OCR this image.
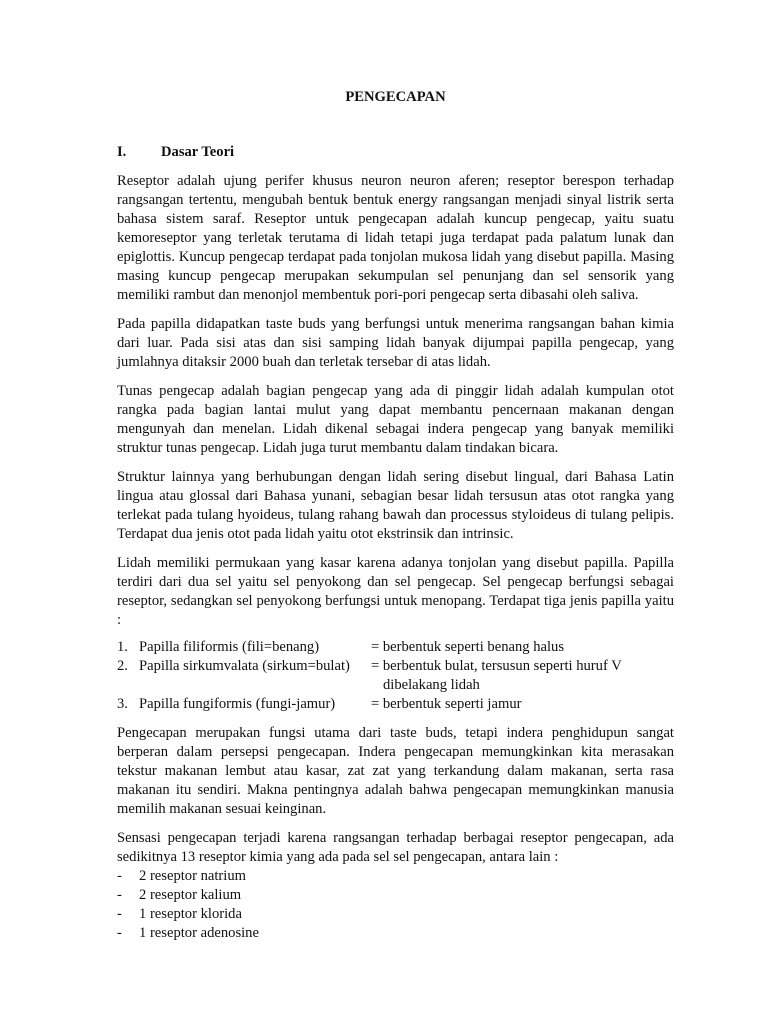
PENGECAPAN
I.	Dasar Teori

Reseptor adalah ujung perifer khusus neuron neuron aferen; reseptor berespon terhadap rangsangan tertentu, mengubah bentuk bentuk energy rangsangan menjadi sinyal listrik serta bahasa sistem saraf. Reseptor untuk pengecapan adalah kuncup pengecap, yaitu suatu kemoreseptor yang terletak terutama di lidah tetapi juga terdapat pada palatum lunak dan epiglottis. Kuncup pengecap terdapat pada tonjolan mukosa lidah yang disebut papilla. Masing masing kuncup pengecap merupakan sekumpulan sel penunjang dan sel sensorik yang memiliki rambut dan menonjol membentuk pori-pori pengecap serta dibasahi oleh saliva.

Pada papilla didapatkan taste buds yang berfungsi untuk menerima rangsangan bahan kimia dari luar. Pada sisi atas dan sisi samping lidah banyak dijumpai papilla pengecap, yang jumlahnya ditaksir 2000 buah dan terletak tersebar di atas lidah.

Tunas pengecap adalah bagian pengecap yang ada di pinggir lidah adalah kumpulan otot rangka pada bagian lantai mulut yang dapat membantu pencernaan makanan dengan mengunyah dan menelan. Lidah dikenal sebagai indera pengecap yang banyak memiliki struktur tunas pengecap. Lidah juga turut membantu dalam tindakan bicara.

Struktur lainnya yang berhubungan dengan lidah sering disebut lingual, dari Bahasa Latin lingua atau glossal dari Bahasa yunani, sebagian besar lidah tersusun atas otot rangka yang terlekat pada tulang hyoideus, tulang rahang bawah dan processus styloideus di tulang pelipis. Terdapat dua jenis otot pada lidah yaitu otot ekstrinsik dan intrinsic.

Lidah memiliki permukaan yang kasar karena adanya tonjolan yang disebut papilla. Papilla terdiri dari dua sel yaitu sel penyokong dan sel pengecap. Sel pengecap berfungsi sebagai reseptor, sedangkan sel penyokong berfungsi untuk menopang. Terdapat tiga jenis papilla yaitu :

1. Papilla filiformis (fili=benang)	= berbentuk seperti benang halus
2. Papilla sirkumvalata (sirkum=bulat)	= berbentuk bulat, tersusun seperti huruf V
dibelakang lidah
3. Papilla fungiformis (fungi-jamur)	= berbentuk seperti jamur

Pengecapan merupakan fungsi utama dari taste buds, tetapi indera penghidupun sangat berperan dalam persepsi pengecapan. Indera pengecapan memungkinkan kita merasakan tekstur makanan lembut atau kasar, zat zat yang terkandung dalam makanan, serta rasa makanan itu sendiri. Makna pentingnya adalah bahwa pengecapan memungkinkan manusia memilih makanan sesuai keinginan.

Sensasi pengecapan terjadi karena rangsangan terhadap berbagai reseptor pengecapan, ada sedikitnya 13 reseptor kimia yang ada pada sel sel pengecapan, antara lain :

-	2 reseptor natrium
-	2 reseptor kalium
-	1 reseptor klorida
-	1 reseptor adenosine
